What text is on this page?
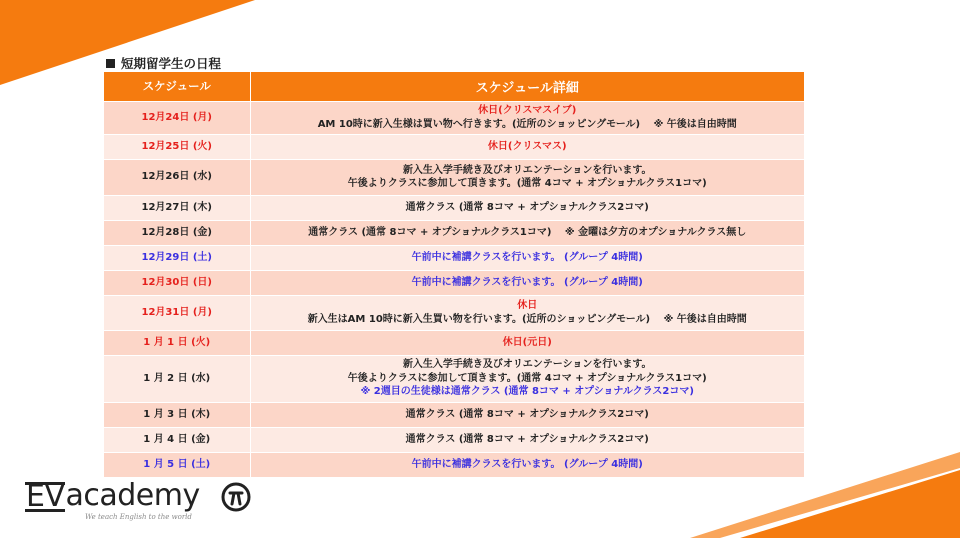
短期留学生の日程
スケジュール	スケジュール詳細
12月24日 (月)	休日(クリスマスイブ)
AM 10時に新入生様は買い物へ行きます。(近所のショッピングモール)　 ※ 午後は自由時間

12月25日 (火)	休日(クリスマス)

12月26日 (水)	新入生入学手続き及びオリエンテーションを行います。
午後よりクラスに参加して頂きます。(通常 4コマ + オプショナルクラス1コマ)

12月27日 (木)	通常クラス (通常 8コマ + オプショナルクラス2コマ)

12月28日 (金)	通常クラス (通常 8コマ + オプショナルクラス1コマ)　 ※ 金曜は夕方のオプショナルクラス無し

12月29日 (土)	午前中に補講クラスを行います。 (グループ 4時間)

12月30日 (日)	午前中に補講クラスを行います。 (グループ 4時間)

12月31日 (月)	休日
新入生はAM 10時に新入生買い物を行います。(近所のショッピングモール)　 ※ 午後は自由時間

1 月 1 日 (火)	休日(元日)

1 月 2 日 (水)	新入生入学手続き及びオリエンテーションを行います。
午後よりクラスに参加して頂きます。(通常 4コマ + オプショナルクラス1コマ)
※ 2週目の生徒様は通常クラス (通常 8コマ + オプショナルクラス2コマ)

1 月 3 日 (木)	通常クラス (通常 8コマ + オプショナルクラス2コマ)

1 月 4 日 (金)	通常クラス (通常 8コマ + オプショナルクラス2コマ)

1 月 5 日 (土)	午前中に補講クラスを行います。 (グループ 4時間)
EV academy
We teach English to the world
